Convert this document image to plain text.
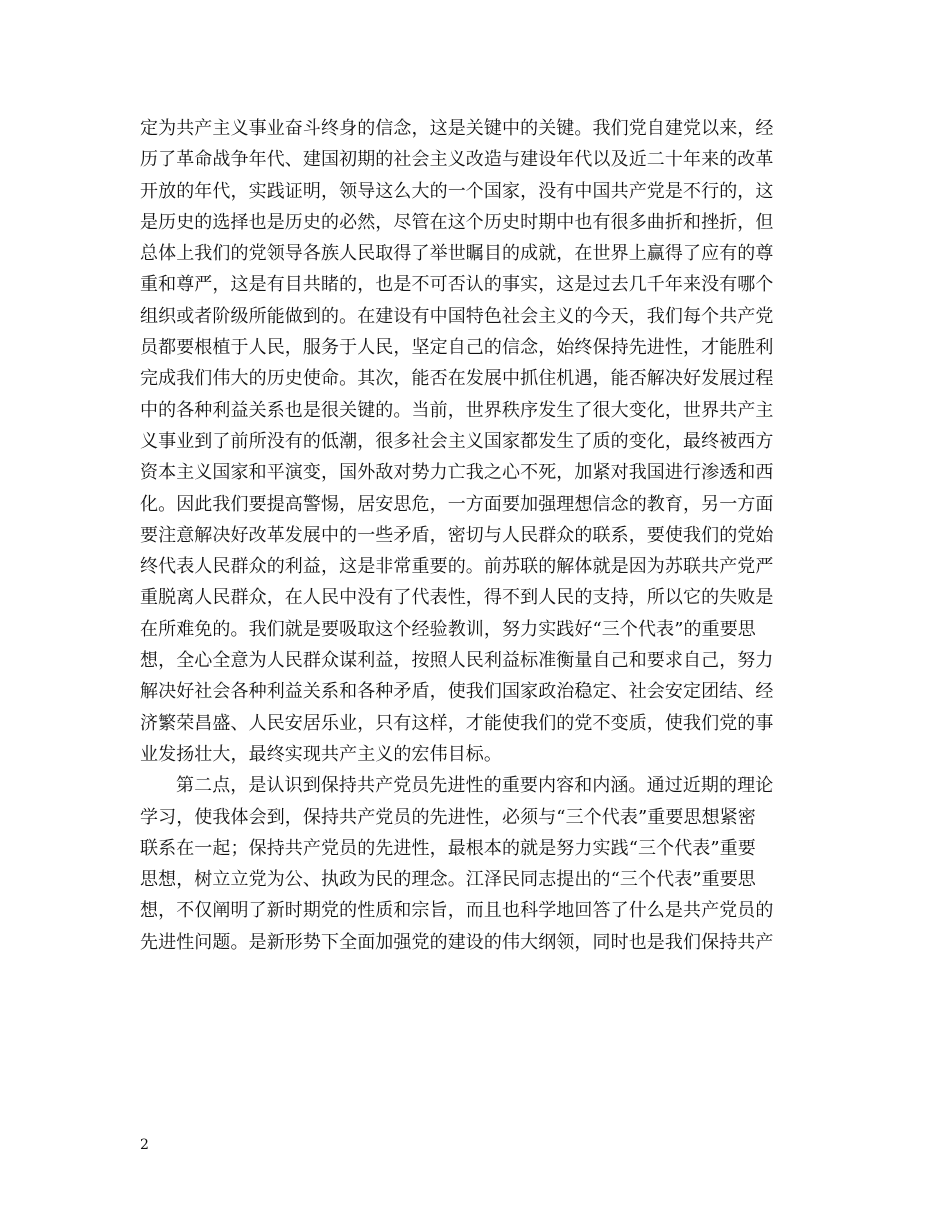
定为共产主义事业奋斗终身的信念，这是关键中的关键。我们党自建党以来，经
历了革命战争年代、建国初期的社会主义改造与建设年代以及近二十年来的改革
开放的年代，实践证明，领导这么大的一个国家，没有中国共产党是不行的，这
是历史的选择也是历史的必然，尽管在这个历史时期中也有很多曲折和挫折，但
总体上我们的党领导各族人民取得了举世瞩目的成就，在世界上赢得了应有的尊
重和尊严，这是有目共睹的，也是不可否认的事实，这是过去几千年来没有哪个
组织或者阶级所能做到的。在建设有中国特色社会主义的今天，我们每个共产党
员都要根植于人民，服务于人民，坚定自己的信念，始终保持先进性，才能胜利
完成我们伟大的历史使命。其次，能否在发展中抓住机遇，能否解决好发展过程
中的各种利益关系也是很关键的。当前，世界秩序发生了很大变化，世界共产主
义事业到了前所没有的低潮，很多社会主义国家都发生了质的变化，最终被西方
资本主义国家和平演变，国外敌对势力亡我之心不死，加紧对我国进行渗透和西
化。因此我们要提高警惕，居安思危，一方面要加强理想信念的教育，另一方面
要注意解决好改革发展中的一些矛盾，密切与人民群众的联系，要使我们的党始
终代表人民群众的利益，这是非常重要的。前苏联的解体就是因为苏联共产党严
重脱离人民群众，在人民中没有了代表性，得不到人民的支持，所以它的失败是
在所难免的。我们就是要吸取这个经验教训，努力实践好“三个代表”的重要思
想，全心全意为人民群众谋利益，按照人民利益标准衡量自己和要求自己，努力
解决好社会各种利益关系和各种矛盾，使我们国家政治稳定、社会安定团结、经
济繁荣昌盛、人民安居乐业，只有这样，才能使我们的党不变质，使我们党的事
业发扬壮大，最终实现共产主义的宏伟目标。
第二点，是认识到保持共产党员先进性的重要内容和内涵。通过近期的理论
学习，使我体会到，保持共产党员的先进性，必须与“三个代表”重要思想紧密
联系在一起；保持共产党员的先进性，最根本的就是努力实践“三个代表”重要
思想，树立立党为公、执政为民的理念。江泽民同志提出的“三个代表”重要思
想，不仅阐明了新时期党的性质和宗旨，而且也科学地回答了什么是共产党员的
先进性问题。是新形势下全面加强党的建设的伟大纲领，同时也是我们保持共产
2
